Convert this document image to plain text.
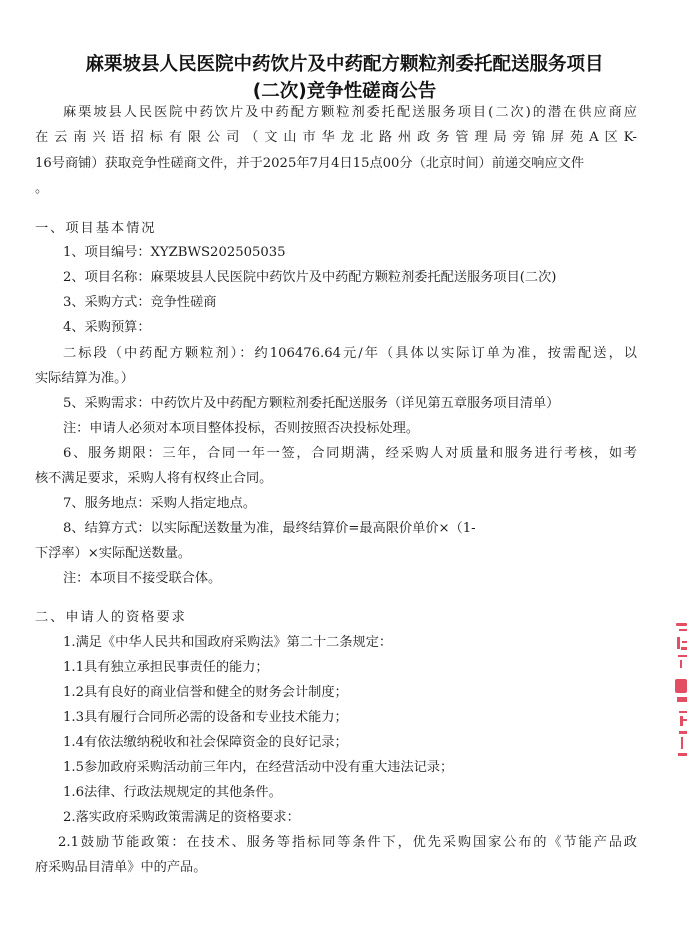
麻栗坡县人民医院中药饮片及中药配方颗粒剂委托配送服务项目
(二次)竞争性磋商公告
麻栗坡县人民医院中药饮片及中药配方颗粒剂委托配送服务项目(二次)的潜在供应商应
在云南兴语招标有限公司（文山市华龙北路州政务管理局旁锦屏苑A区K-
16号商铺）获取竞争性磋商文件，并于2025年7月4日15点00分（北京时间）前递交响应文件
。
一、项目基本情况
1、项目编号：XYZBWS202505035
2、项目名称：麻栗坡县人民医院中药饮片及中药配方颗粒剂委托配送服务项目(二次)
3、采购方式：竞争性磋商
4、采购预算：
二标段（中药配方颗粒剂）：约106476.64元/年（具体以实际订单为准，按需配送，以
实际结算为准。）
5、采购需求：中药饮片及中药配方颗粒剂委托配送服务（详见第五章服务项目清单）
注：申请人必须对本项目整体投标，否则按照否决投标处理。
6、服务期限：三年，合同一年一签，合同期满，经采购人对质量和服务进行考核，如考
核不满足要求，采购人将有权终止合同。
7、服务地点：采购人指定地点。
8、结算方式：以实际配送数量为准，最终结算价=最高限价单价×（1-
下浮率）×实际配送数量。
注：本项目不接受联合体。
二、申请人的资格要求
1.满足《中华人民共和国政府采购法》第二十二条规定：
1.1具有独立承担民事责任的能力；
1.2具有良好的商业信誉和健全的财务会计制度；
1.3具有履行合同所必需的设备和专业技术能力；
1.4有依法缴纳税收和社会保障资金的良好记录；
1.5参加政府采购活动前三年内，在经营活动中没有重大违法记录；
1.6法律、行政法规规定的其他条件。
2.落实政府采购政策需满足的资格要求：
2.1鼓励节能政策：在技术、服务等指标同等条件下，优先采购国家公布的《节能产品政
府采购品目清单》中的产品。
